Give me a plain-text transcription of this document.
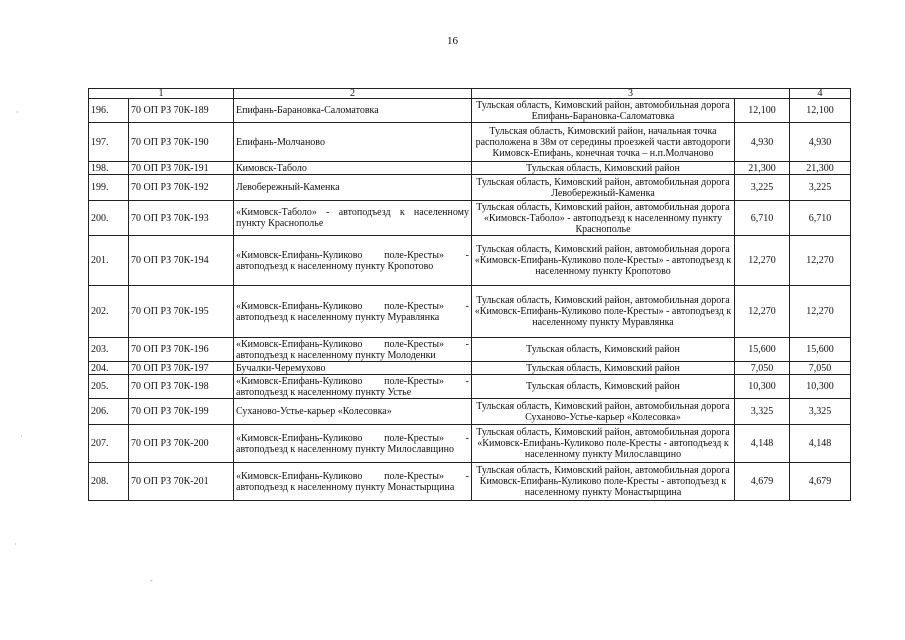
16
·
·
·
-
1		2	3		4
196.	70 ОП РЗ 70К-189	Епифань-Барановка-Саломатовка	Тульская область, Кимовский район, автомобильная дорога Епифань-Барановка-Саломатовка	12,100	12,100
197.	70 ОП РЗ 70К-190	Епифань-Молчаново	Тульская область, Кимовский район, начальная точка расположена в 38м от середины проезжей части автодороги Кимовск-Епифань, конечная точка – н.п.Молчаново	4,930	4,930
198.	70 ОП РЗ 70К-191	Кимовск-Таболо	Тульская область, Кимовский район	21,300	21,300
199.	70 ОП РЗ 70К-192	Левобережный-Каменка	Тульская область, Кимовский район, автомобильная дорога Левобережный-Каменка	3,225	3,225
200.	70 ОП РЗ 70К-193	«Кимовск-Таболо» - автоподъезд к населенному пункту Краснополье	Тульская область, Кимовский район, автомобильная дорога «Кимовск-Таболо» - автоподъезд к населенному пункту Краснополье	6,710	6,710
201.	70 ОП РЗ 70К-194	«Кимовск-Епифань-Куликово поле-Кресты» - автоподъезд к населенному пункту Кропотово	Тульская область, Кимовский район, автомобильная дорога «Кимовск-Епифань-Куликово поле-Кресты» - автоподъезд к населенному пункту Кропотово	12,270	12,270
202.	70 ОП РЗ 70К-195	«Кимовск-Епифань-Куликово поле-Кресты» - автоподъезд к населенному пункту Муравлянка	Тульская область, Кимовский район, автомобильная дорога «Кимовск-Епифань-Куликово поле-Кресты» - автоподъезд к населенному пункту Муравлянка	12,270	12,270
203.	70 ОП РЗ 70К-196	«Кимовск-Епифань-Куликово поле-Кресты» - автоподъезд к населенному пункту Молоденки	Тульская область, Кимовский район	15,600	15,600
204.	70 ОП РЗ 70К-197	Бучалки-Черемухово	Тульская область, Кимовский район	7,050	7,050
205.	70 ОП РЗ 70К-198	«Кимовск-Епифань-Куликово поле-Кресты» - автоподъезд к населенному пункту Устье	Тульская область, Кимовский район	10,300	10,300
206.	70 ОП РЗ 70К-199	Суханово-Устье-карьер «Колесовка»	Тульская область, Кимовский район, автомобильная дорога Суханово-Устье-карьер «Колесовка»	3,325	3,325
207.	70 ОП РЗ 70К-200	«Кимовск-Епифань-Куликово поле-Кресты» - автоподъезд к населенному пункту Милославщино	Тульская область, Кимовский район, автомобильная дорога «Кимовск-Епифань-Куликово поле-Кресты - автоподъезд к населенному пункту Милославщино	4,148	4,148
208.	70 ОП РЗ 70К-201	«Кимовск-Епифань-Куликово поле-Кресты» - автоподъезд к населенному пункту Монастырщина	Тульская область, Кимовский район, автомобильная дорога Кимовск-Епифань-Куликово поле-Кресты - автоподъезд к населенному пункту Монастырщина	4,679	4,679
